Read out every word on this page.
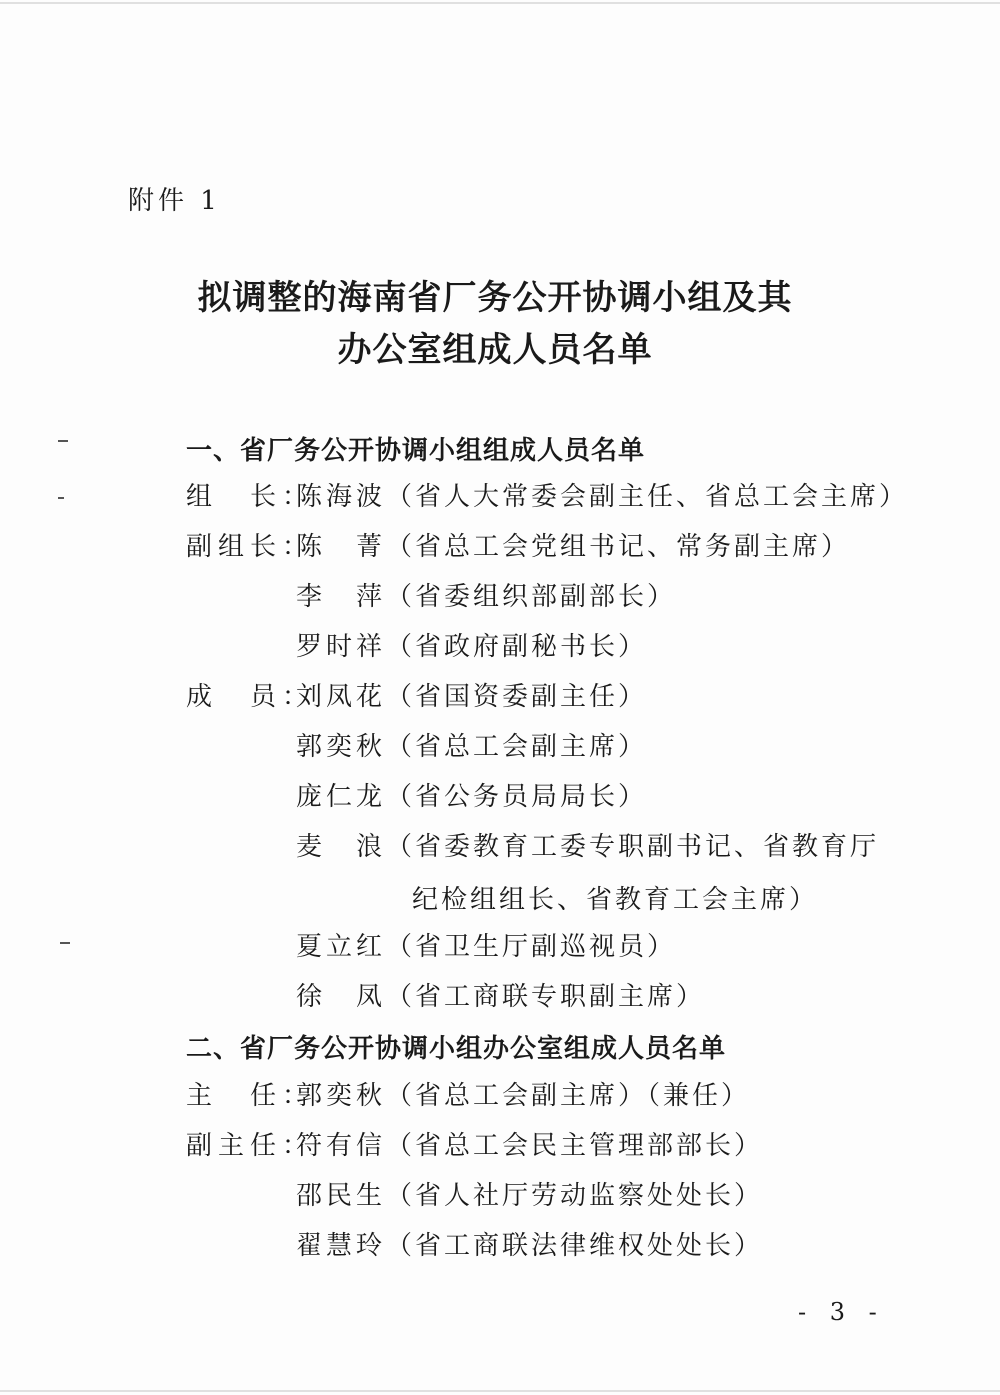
附件 1
拟调整的海南省厂务公开协调小组及其
办公室组成人员名单
一、省厂务公开协调小组组成人员名单
组　长：
陈海波 （省人大常委会副主任、省总工会主席）
副组长：
陈　菁 （省总工会党组书记、常务副主席）
李　萍 （省委组织部副部长）
罗时祥 （省政府副秘书长）
成　员：
刘凤花 （省国资委副主任）
郭奕秋 （省总工会副主席）
庞仁龙 （省公务员局局长）
麦　浪 （省委教育工委专职副书记、省教育厅
纪检组组长、省教育工会主席）
夏立红 （省卫生厅副巡视员）
徐　凤 （省工商联专职副主席）
二、省厂务公开协调小组办公室组成人员名单
主　任：
郭奕秋 （省总工会副主席）（兼任）
副主任：
符有信 （省总工会民主管理部部长）
邵民生 （省人社厅劳动监察处处长）
翟慧玲 （省工商联法律维权处处长）
- 3 -
